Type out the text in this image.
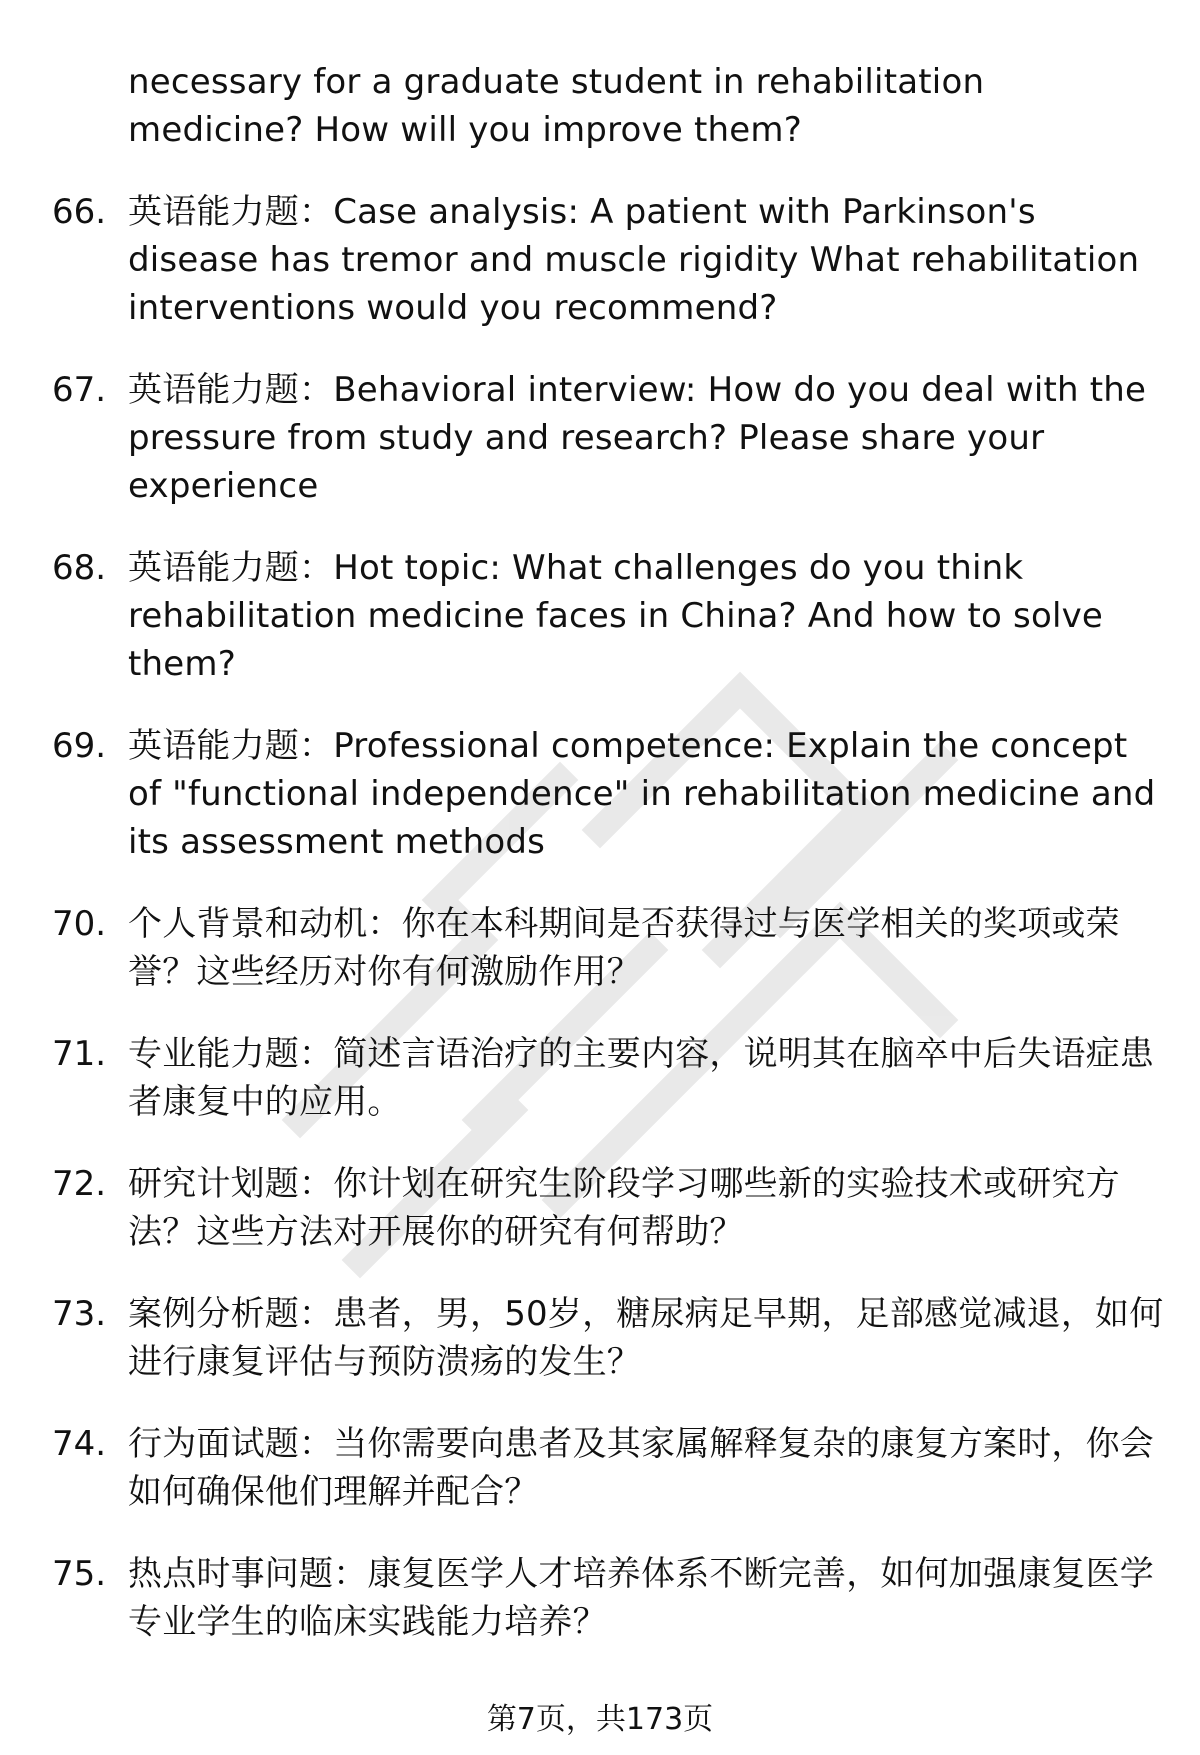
necessary for a graduate student in rehabilitation medicine? How will you improve them?
66. 英语能力题：Case analysis: A patient with Parkinson's disease has tremor and muscle rigidity What rehabilitation interventions would you recommend?
67. 英语能力题：Behavioral interview: How do you deal with the pressure from study and research? Please share your experience
68. 英语能力题：Hot topic: What challenges do you think rehabilitation medicine faces in China? And how to solve them?
69. 英语能力题：Professional competence: Explain the concept of "functional independence" in rehabilitation medicine and its assessment methods
70. 个人背景和动机：你在本科期间是否获得过与医学相关的奖项或荣誉？这些经历对你有何激励作用？
71. 专业能力题：简述言语治疗的主要内容，说明其在脑卒中后失语症患者康复中的应用。
72. 研究计划题：你计划在研究生阶段学习哪些新的实验技术或研究方法？这些方法对开展你的研究有何帮助？
73. 案例分析题：患者，男，50岁，糖尿病足早期，足部感觉减退，如何进行康复评估与预防溃疡的发生？
74. 行为面试题：当你需要向患者及其家属解释复杂的康复方案时，你会如何确保他们理解并配合？
75. 热点时事问题：康复医学人才培养体系不断完善，如何加强康复医学专业学生的临床实践能力培养？
第7页，共173页
